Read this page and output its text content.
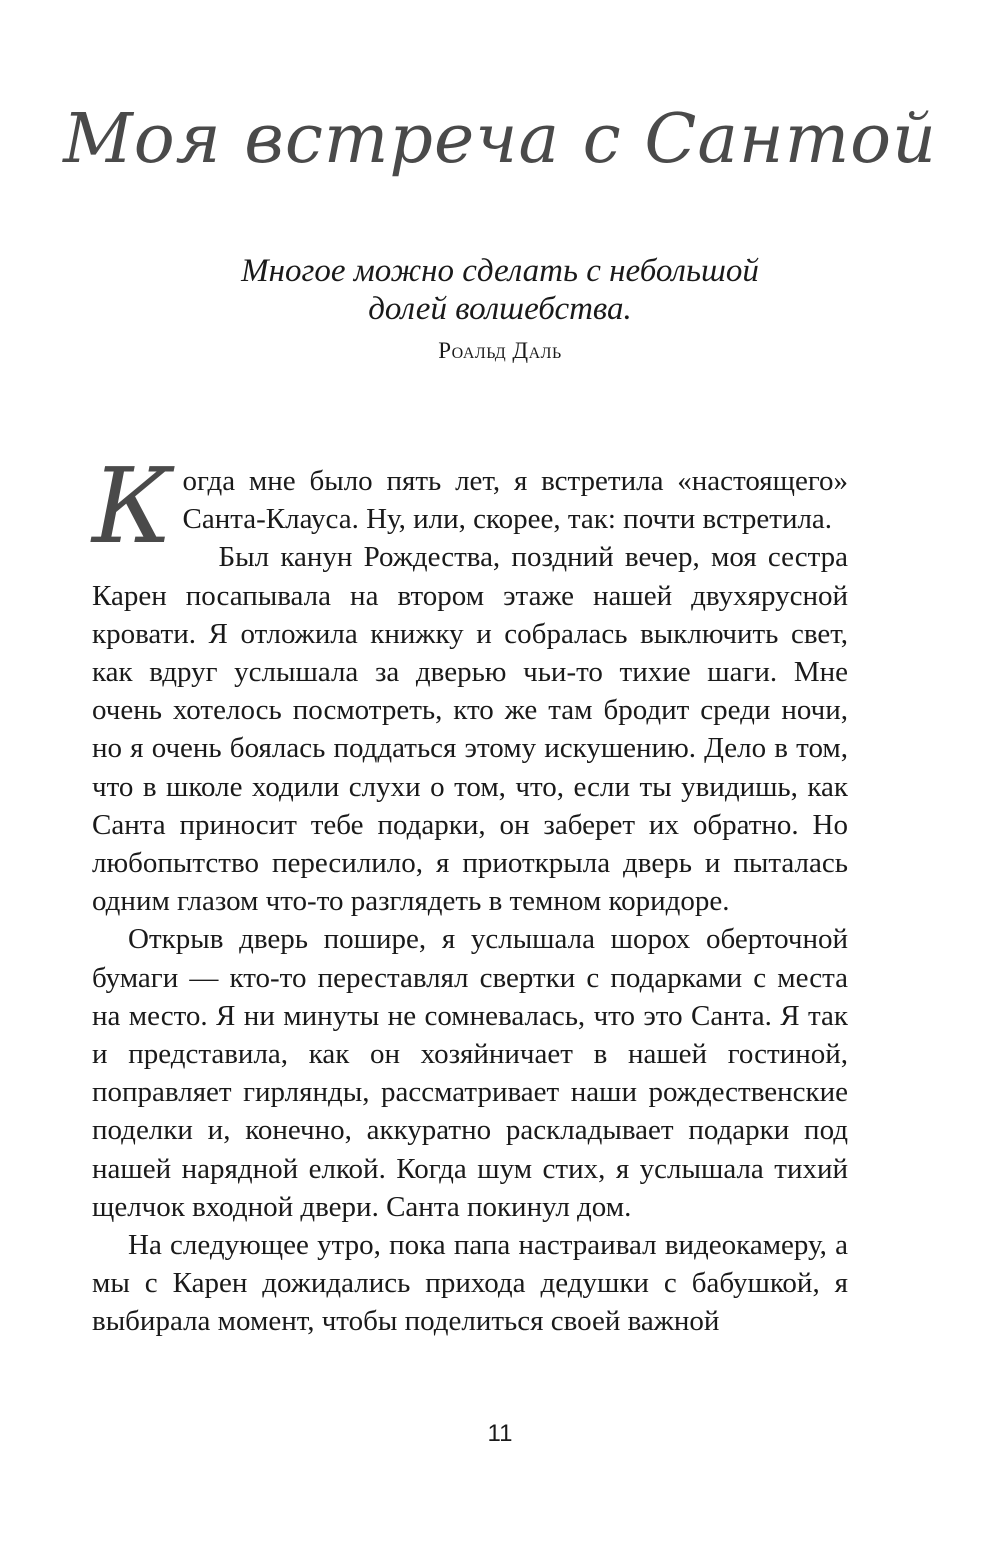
Моя встреча с Сантой
Многое можно сделать с небольшой
долей волшебства.
Роальд Даль

Когда мне было пять лет, я встретила «настоящего» Санта-Клауса. Ну, или, скорее, так: почти встретила.

Был канун Рождества, поздний вечер, моя сестра Карен посапывала на втором этаже нашей двухярусной кровати. Я отложила книжку и собралась выключить свет, как вдруг услышала за дверью чьи-то тихие шаги. Мне очень хотелось посмотреть, кто же там бродит среди ночи, но я очень боялась поддаться этому искушению. Дело в том, что в школе ходили слухи о том, что, если ты увидишь, как Санта приносит тебе подарки, он заберет их обратно. Но любопытство пересилило, я приоткрыла дверь и пыталась одним глазом что-то разглядеть в темном коридоре.

Открыв дверь пошире, я услышала шорох оберточной бумаги — кто-то переставлял свертки с подарками с места на место. Я ни минуты не сомневалась, что это Санта. Я так и представила, как он хозяйничает в нашей гостиной, поправляет гирлянды, рассматривает наши рождественские поделки и, конечно, аккуратно раскладывает подарки под нашей нарядной елкой. Когда шум стих, я услышала тихий щелчок входной двери. Санта покинул дом.

На следующее утро, пока папа настраивал видеокамеру, а мы с Карен дожидались прихода дедушки с бабушкой, я выбирала момент, чтобы поделиться своей важной

11
